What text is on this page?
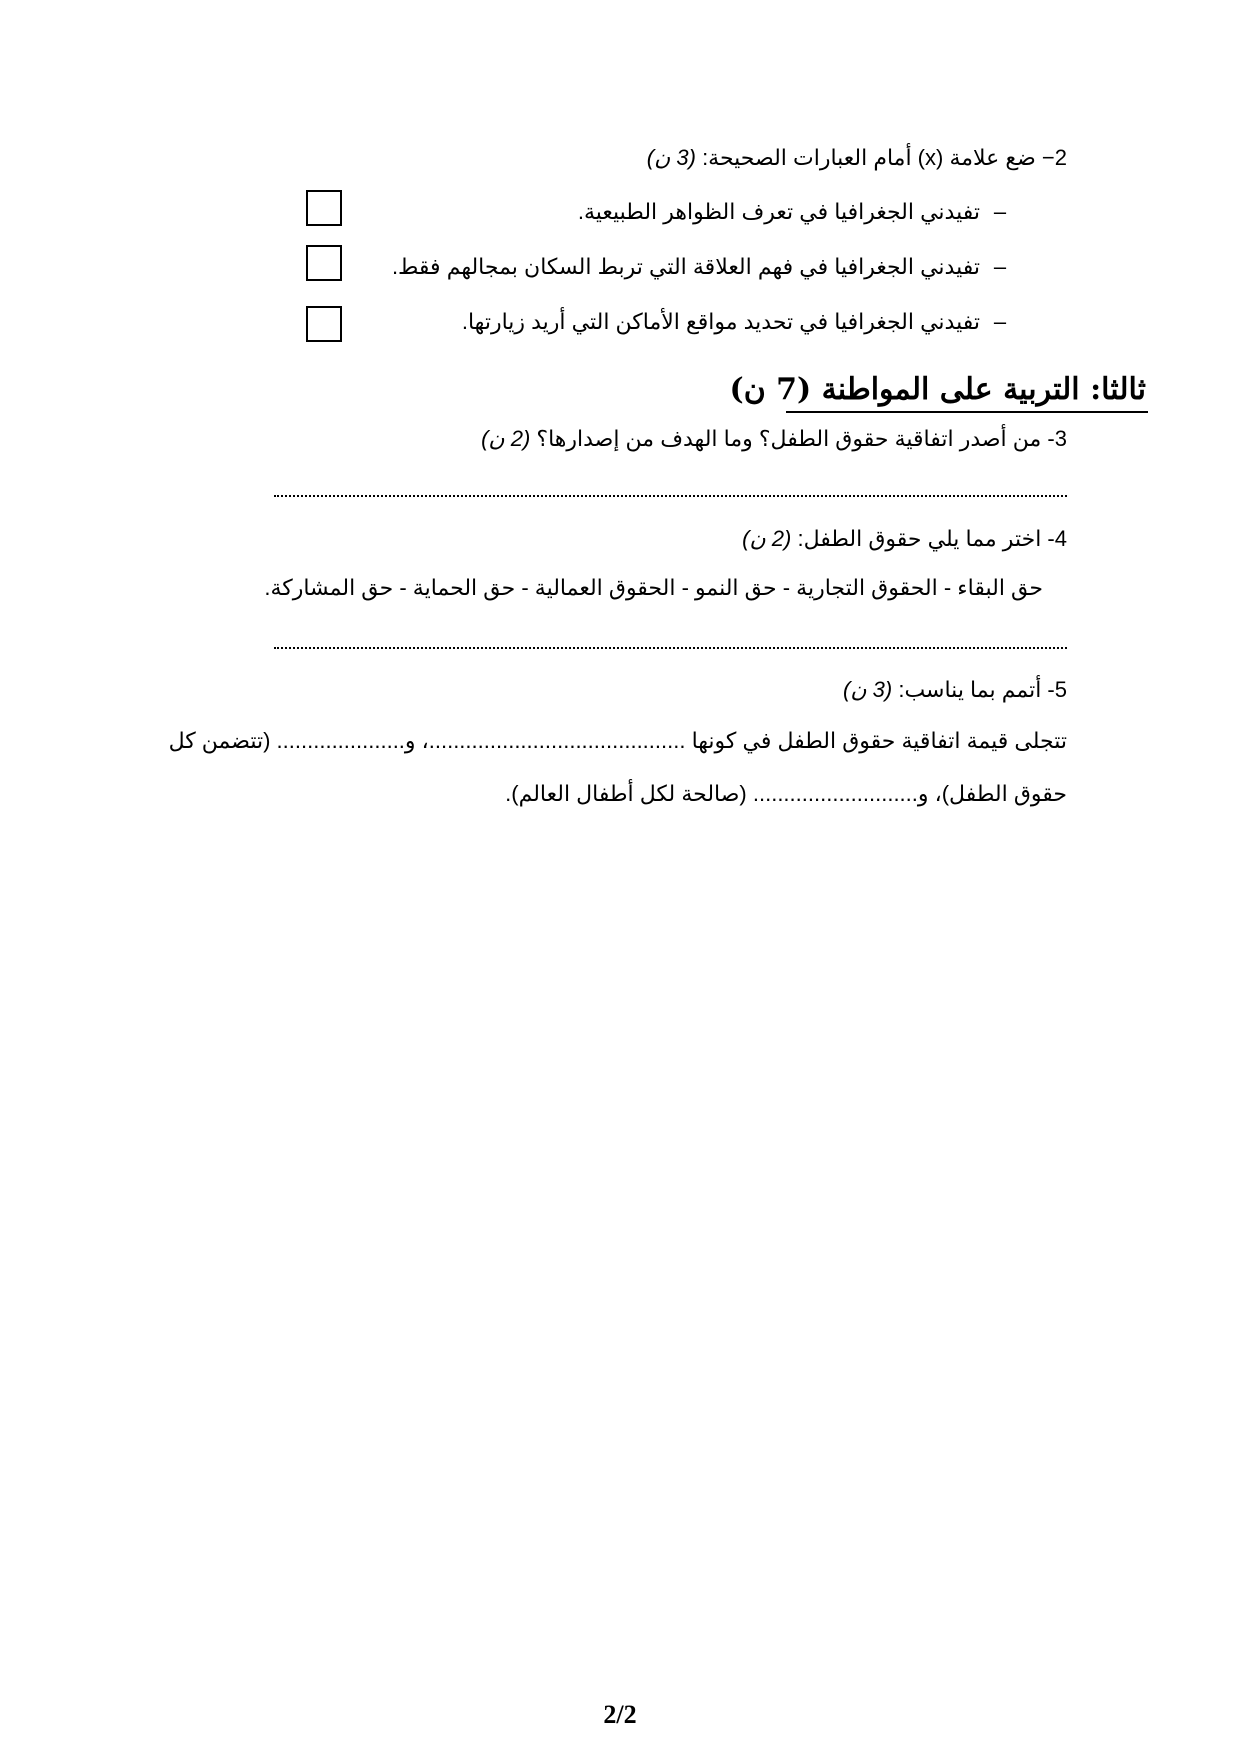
2− ضع علامة (x) أمام العبارات الصحيحة: (3 ن)
–تفيدني الجغرافيا في تعرف الظواهر الطبيعية.
–تفيدني الجغرافيا في فهم العلاقة التي تربط السكان بمجالهم فقط.
–تفيدني الجغرافيا في تحديد مواقع الأماكن التي أريد زيارتها.
ثالثا: التربية على المواطنة (7 ن)
3- من أصدر اتفاقية حقوق الطفل؟ وما الهدف من إصدارها؟ (2 ن)
4- اختر مما يلي حقوق الطفل: (2 ن)
حق البقاء - الحقوق التجارية - حق النمو - الحقوق العمالية - حق الحماية - حق المشاركة.
5- أتمم بما يناسب: (3 ن)
تتجلى قيمة اتفاقية حقوق الطفل في كونها ..........................................، و..................... (تتضمن كل
حقوق الطفل)، و........................... (صالحة لكل أطفال العالم).
2/2
